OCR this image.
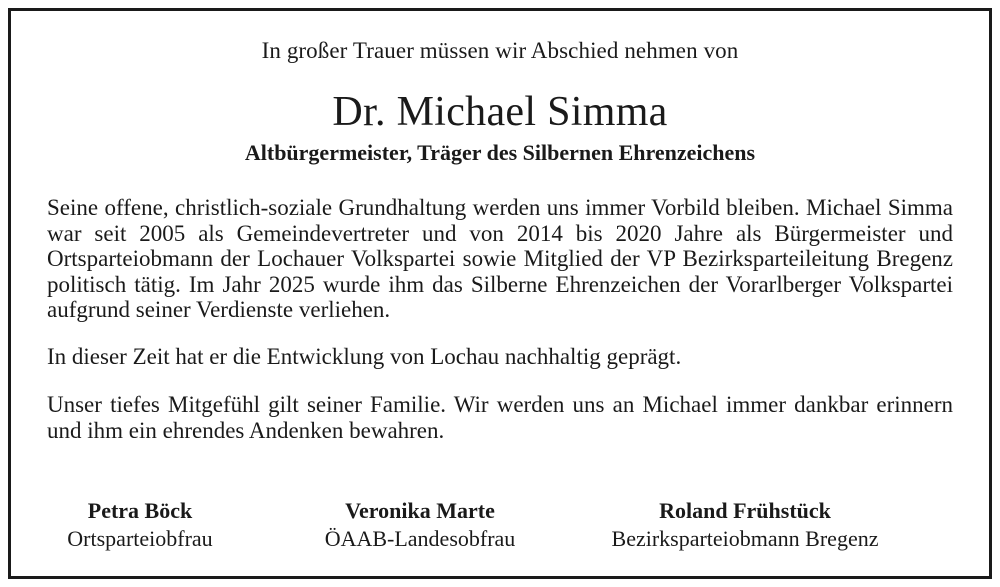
In großer Trauer müssen wir Abschied nehmen von
Dr. Michael Simma
Altbürgermeister, Träger des Silbernen Ehrenzeichens
Seine offene, christlich-soziale Grundhaltung werden uns immer Vorbild bleiben. Michael Simma war seit 2005 als Gemeindevertreter und von 2014 bis 2020 Jahre als Bürgermeister und Ortsparteiobmann der Lochauer Volkspartei sowie Mitglied der VP Bezirksparteileitung Bregenz politisch tätig. Im Jahr 2025 wurde ihm das Silberne Ehrenzeichen der Vorarlberger Volkspartei aufgrund seiner Verdienste verliehen.
In dieser Zeit hat er die Entwicklung von Lochau nachhaltig geprägt.
Unser tiefes Mitgefühl gilt seiner Familie. Wir werden uns an Michael immer dankbar erinnern und ihm ein ehrendes Andenken bewahren.
Petra Böck
Ortsparteiobfrau
Veronika Marte
ÖAAB-Landesobfrau
Roland Frühstück
Bezirksparteiobmann Bregenz
